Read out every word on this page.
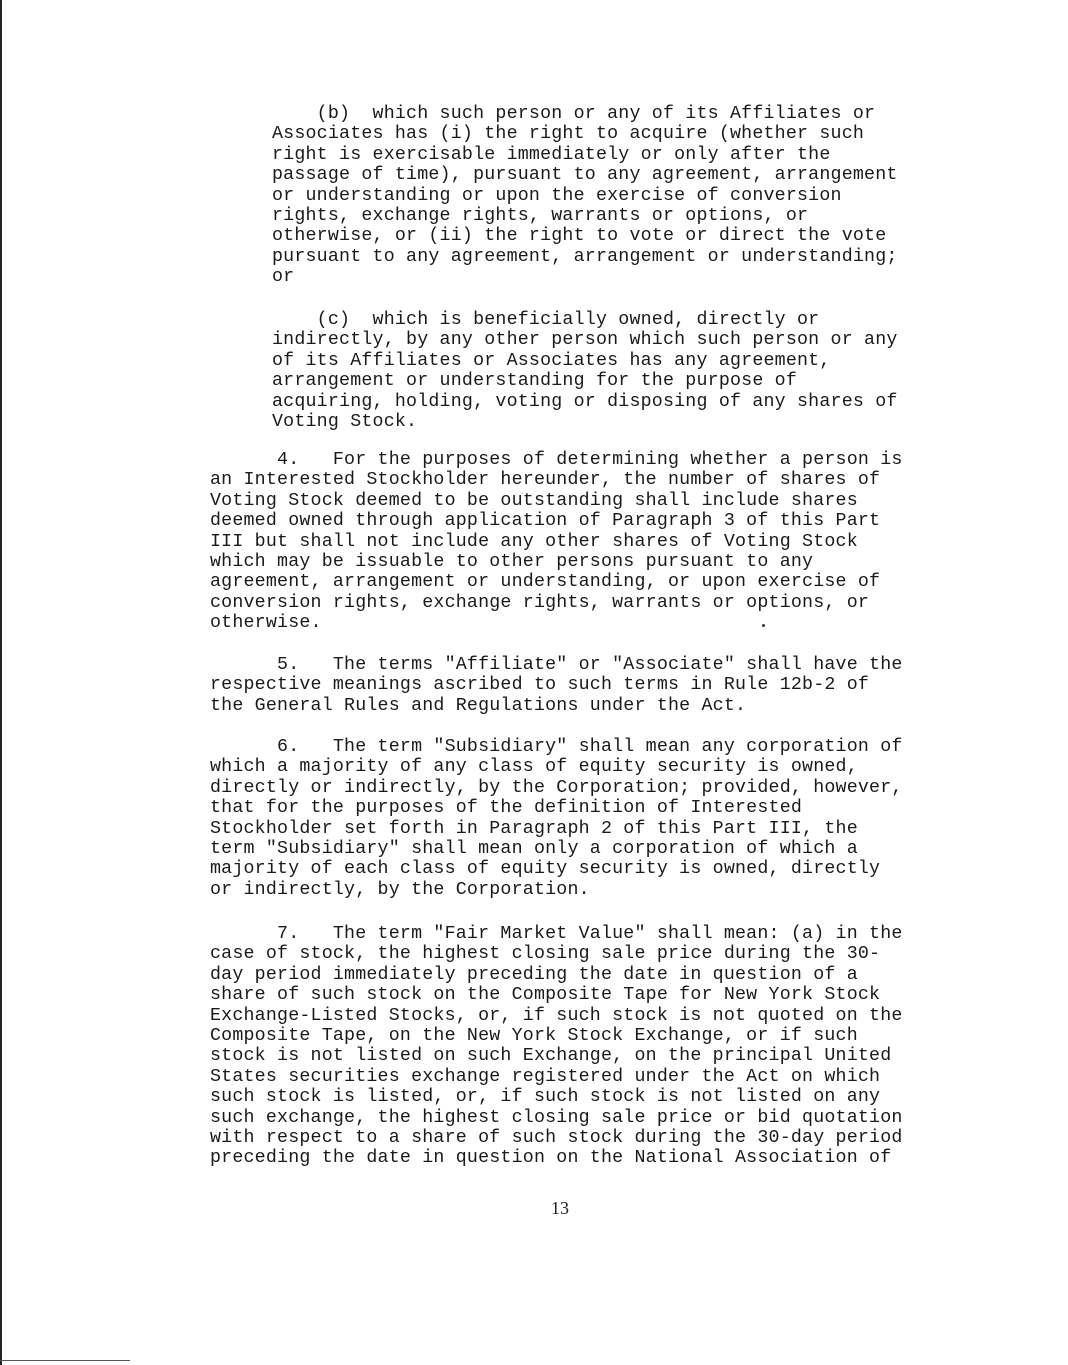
(b)  which such person or any of its Affiliates or
Associates has (i) the right to acquire (whether such
right is exercisable immediately or only after the
passage of time), pursuant to any agreement, arrangement
or understanding or upon the exercise of conversion
rights, exchange rights, warrants or options, or
otherwise, or (ii) the right to vote or direct the vote
pursuant to any agreement, arrangement or understanding;
or

(c)  which is beneficially owned, directly or
indirectly, by any other person which such person or any
of its Affiliates or Associates has any agreement,
arrangement or understanding for the purpose of
acquiring, holding, voting or disposing of any shares of
Voting Stock.

4.   For the purposes of determining whether a person is
an Interested Stockholder hereunder, the number of shares of
Voting Stock deemed to be outstanding shall include shares
deemed owned through application of Paragraph 3 of this Part
III but shall not include any other shares of Voting Stock
which may be issuable to other persons pursuant to any
agreement, arrangement or understanding, or upon exercise of
conversion rights, exchange rights, warrants or options, or
otherwise.

5.   The terms "Affiliate" or "Associate" shall have the
respective meanings ascribed to such terms in Rule 12b-2 of
the General Rules and Regulations under the Act.

6.   The term "Subsidiary" shall mean any corporation of
which a majority of any class of equity security is owned,
directly or indirectly, by the Corporation; provided, however,
that for the purposes of the definition of Interested
Stockholder set forth in Paragraph 2 of this Part III, the
term "Subsidiary" shall mean only a corporation of which a
majority of each class of equity security is owned, directly
or indirectly, by the Corporation.

7.   The term "Fair Market Value" shall mean: (a) in the
case of stock, the highest closing sale price during the 30-
day period immediately preceding the date in question of a
share of such stock on the Composite Tape for New York Stock
Exchange-Listed Stocks, or, if such stock is not quoted on the
Composite Tape, on the New York Stock Exchange, or if such
stock is not listed on such Exchange, on the principal United
States securities exchange registered under the Act on which
such stock is listed, or, if such stock is not listed on any
such exchange, the highest closing sale price or bid quotation
with respect to a share of such stock during the 30-day period
preceding the date in question on the National Association of

13
